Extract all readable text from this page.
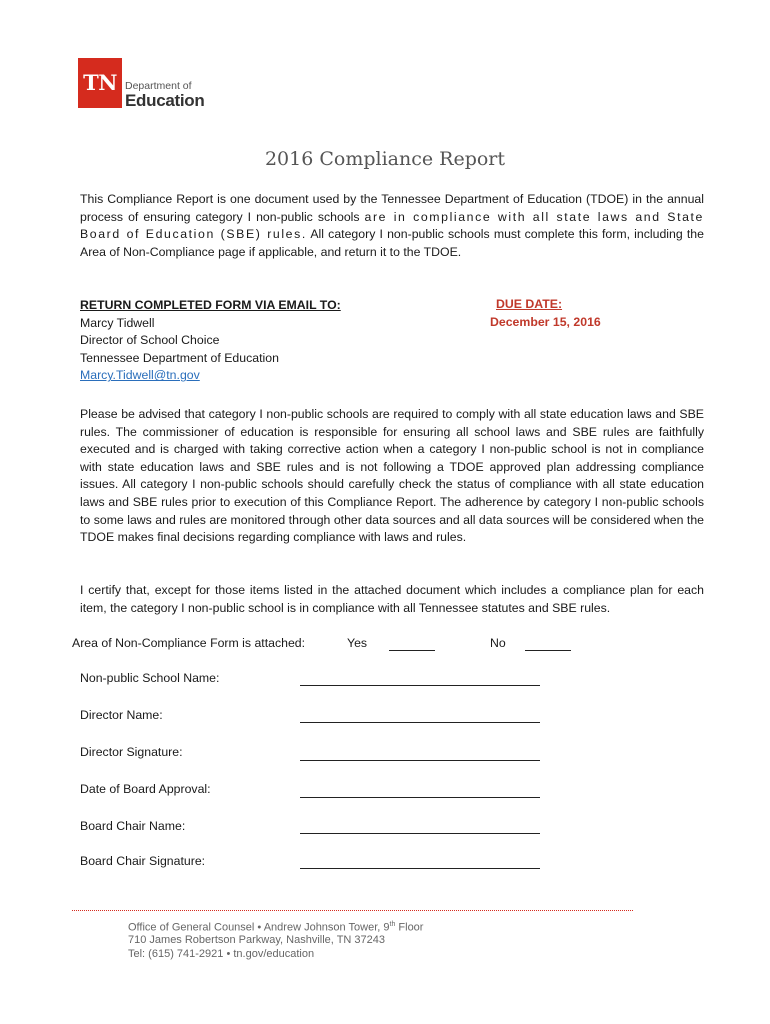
TN Department of
Education
2016 Compliance Report
This Compliance Report is one document used by the Tennessee Department of Education (TDOE) in the annual process of ensuring category I non-public schools are in compliance with all state laws and State Board of Education (SBE) rules. All category I non-public schools must complete this form, including the Area of Non-Compliance page if applicable, and return it to the TDOE.
RETURN COMPLETED FORM VIA EMAIL TO:
Marcy Tidwell
Director of School Choice
Tennessee Department of Education
Marcy.Tidwell@tn.gov
DUE DATE:
December 15, 2016
Please be advised that category I non-public schools are required to comply with all state education laws and SBE rules. The commissioner of education is responsible for ensuring all school laws and SBE rules are faithfully executed and is charged with taking corrective action when a category I non-public school is not in compliance with state education laws and SBE rules and is not following a TDOE approved plan addressing compliance issues. All category I non-public schools should carefully check the status of compliance with all state education laws and SBE rules prior to execution of this Compliance Report. The adherence by category I non-public schools to some laws and rules are monitored through other data sources and all data sources will be considered when the TDOE makes final decisions regarding compliance with laws and rules.
I certify that, except for those items listed in the attached document which includes a compliance plan for each item, the category I non-public school is in compliance with all Tennessee statutes and SBE rules.
Area of Non-Compliance Form is attached:	Yes	No
Non-public School Name:
Director Name:
Director Signature:
Date of Board Approval:
Board Chair Name:
Board Chair Signature:
Office of General Counsel • Andrew Johnson Tower, 9th Floor
710 James Robertson Parkway, Nashville, TN 37243
Tel: (615) 741-2921 • tn.gov/education
